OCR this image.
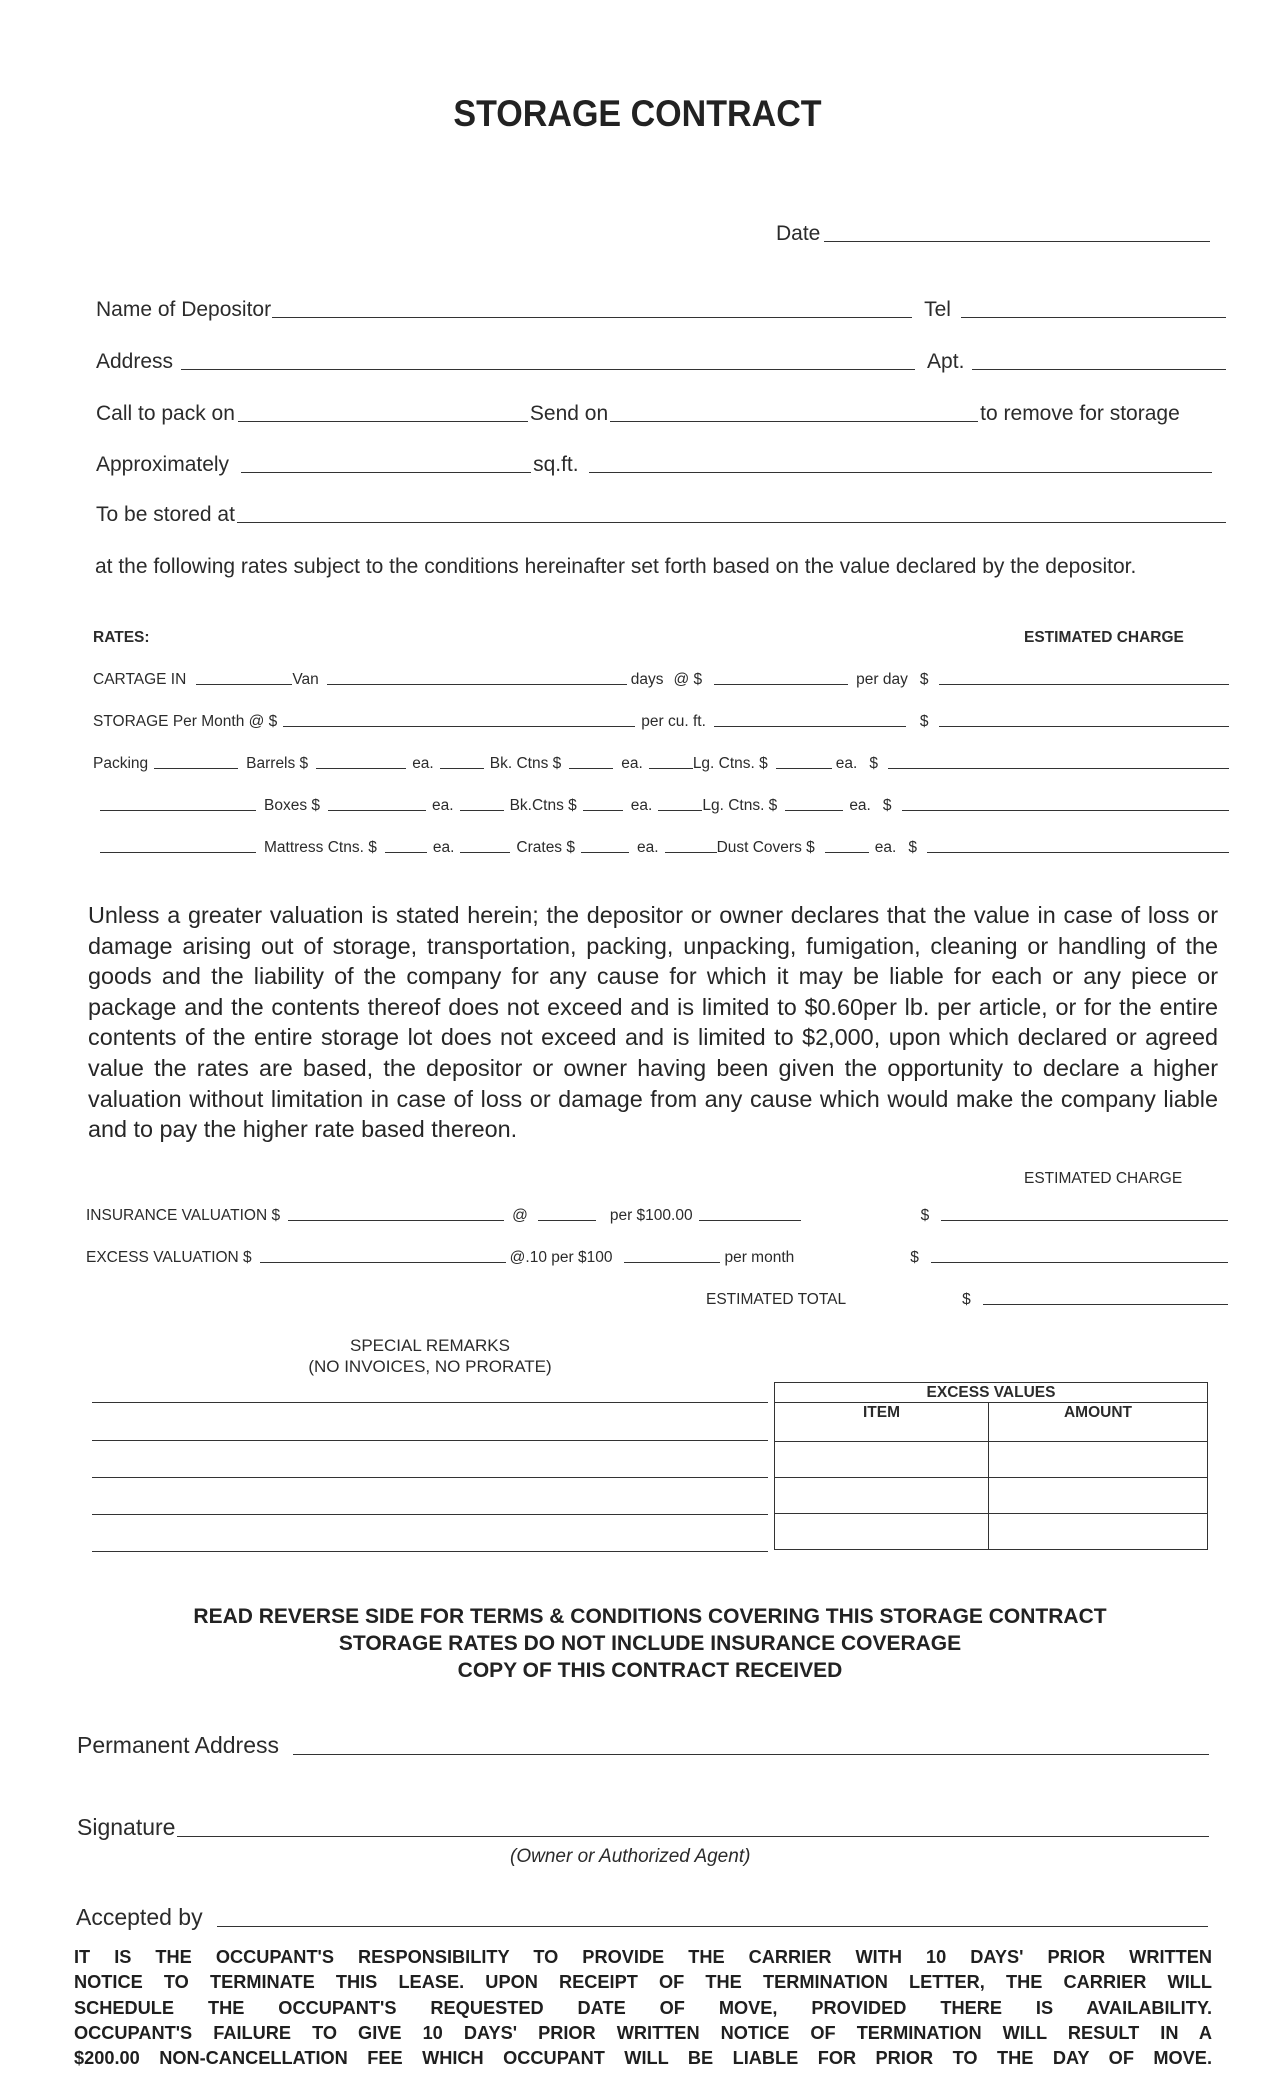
STORAGE CONTRACT
Date
Name of Depositor	Tel
Address	Apt.
Call to pack on	Send on	to remove for storage
Approximately	sq.ft.
To be stored at
at the following rates subject to the conditions hereinafter set forth based on the value declared by the depositor.
RATES:	ESTIMATED CHARGE
CARTAGE IN	Van	days @ $	per day $
STORAGE Per Month @ $	per cu. ft.	$
Packing	Barrels $	ea.	Bk. Ctns $	ea.	Lg. Ctns. $	ea. $
Boxes $	ea.	Bk.Ctns $	ea.	Lg. Ctns. $	ea. $
Mattress Ctns. $	ea.	Crates $	ea.	Dust Covers $	ea. $
Unless a greater valuation is stated herein; the depositor or owner declares that the value in case of loss or damage arising out of storage, transportation, packing, unpacking, fumigation, cleaning or handling of the goods and the liability of the company for any cause for which it may be liable for each or any piece or package and the contents thereof does not exceed and is limited to $0.60per lb. per article, or for the entire contents of the entire storage lot does not exceed and is limited to $2,000, upon which declared or agreed value the rates are based, the depositor or owner having been given the opportunity to declare a higher valuation without limitation in case of loss or damage from any cause which would make the company liable and to pay the higher rate based thereon.
ESTIMATED CHARGE
INSURANCE VALUATION $	@	per $100.00	$
EXCESS VALUATION $	@.10 per $100	per month	$
ESTIMATED TOTAL	$
SPECIAL REMARKS
(NO INVOICES, NO PRORATE)
EXCESS VALUES	
ITEM	AMOUNT

READ REVERSE SIDE FOR TERMS & CONDITIONS COVERING THIS STORAGE CONTRACT
STORAGE RATES DO NOT INCLUDE INSURANCE COVERAGE
COPY OF THIS CONTRACT RECEIVED
Permanent Address
Signature
(Owner or Authorized Agent)
Accepted by
IT IS THE OCCUPANT'S RESPONSIBILITY TO PROVIDE THE CARRIER WITH 10 DAYS' PRIOR WRITTEN
NOTICE TO TERMINATE THIS LEASE. UPON RECEIPT OF THE TERMINATION LETTER, THE CARRIER WILL
SCHEDULE THE OCCUPANT'S REQUESTED DATE OF MOVE, PROVIDED THERE IS AVAILABILITY.
OCCUPANT'S FAILURE TO GIVE 10 DAYS' PRIOR WRITTEN NOTICE OF TERMINATION WILL RESULT IN A
$200.00 NON-CANCELLATION FEE WHICH OCCUPANT WILL BE LIABLE FOR PRIOR TO THE DAY OF MOVE.
